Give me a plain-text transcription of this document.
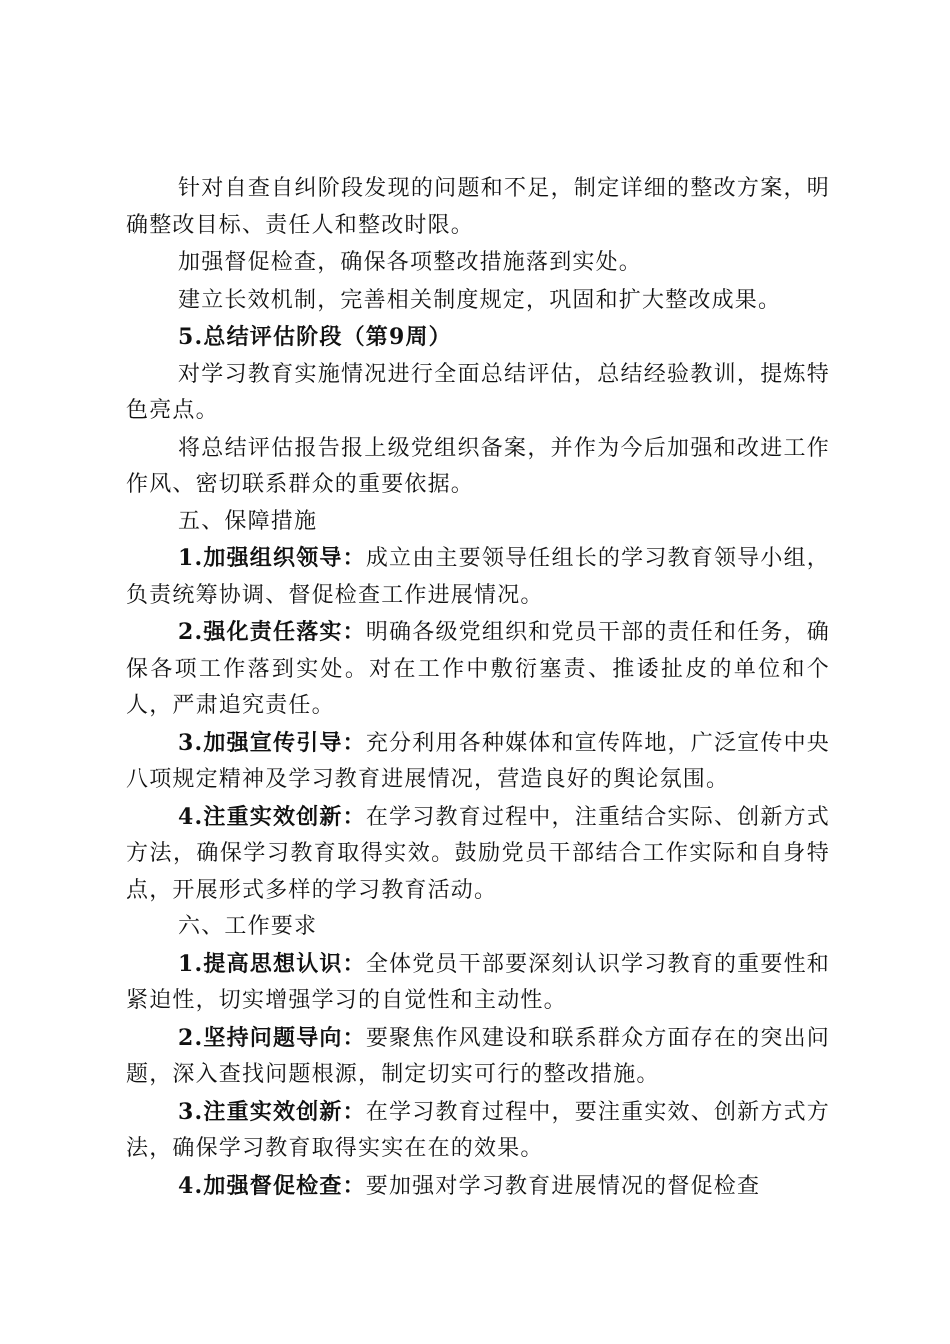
针对自查自纠阶段发现的问题和不足，制定详细的整改方案，明确整改目标、责任人和整改时限。

加强督促检查，确保各项整改措施落到实处。

建立长效机制，完善相关制度规定，巩固和扩大整改成果。

5.总结评估阶段（第9周）

对学习教育实施情况进行全面总结评估，总结经验教训，提炼特色亮点。

将总结评估报告报上级党组织备案，并作为今后加强和改进工作作风、密切联系群众的重要依据。

五、保障措施

1.加强组织领导：成立由主要领导任组长的学习教育领导小组，负责统筹协调、督促检查工作进展情况。

2.强化责任落实：明确各级党组织和党员干部的责任和任务，确保各项工作落到实处。对在工作中敷衍塞责、推诿扯皮的单位和个人，严肃追究责任。

3.加强宣传引导：充分利用各种媒体和宣传阵地，广泛宣传中央八项规定精神及学习教育进展情况，营造良好的舆论氛围。

4.注重实效创新：在学习教育过程中，注重结合实际、创新方式方法，确保学习教育取得实效。鼓励党员干部结合工作实际和自身特点，开展形式多样的学习教育活动。

六、工作要求

1.提高思想认识：全体党员干部要深刻认识学习教育的重要性和紧迫性，切实增强学习的自觉性和主动性。

2.坚持问题导向：要聚焦作风建设和联系群众方面存在的突出问题，深入查找问题根源，制定切实可行的整改措施。

3.注重实效创新：在学习教育过程中，要注重实效、创新方式方法，确保学习教育取得实实在在的效果。

4.加强督促检查：要加强对学习教育进展情况的督促检查
